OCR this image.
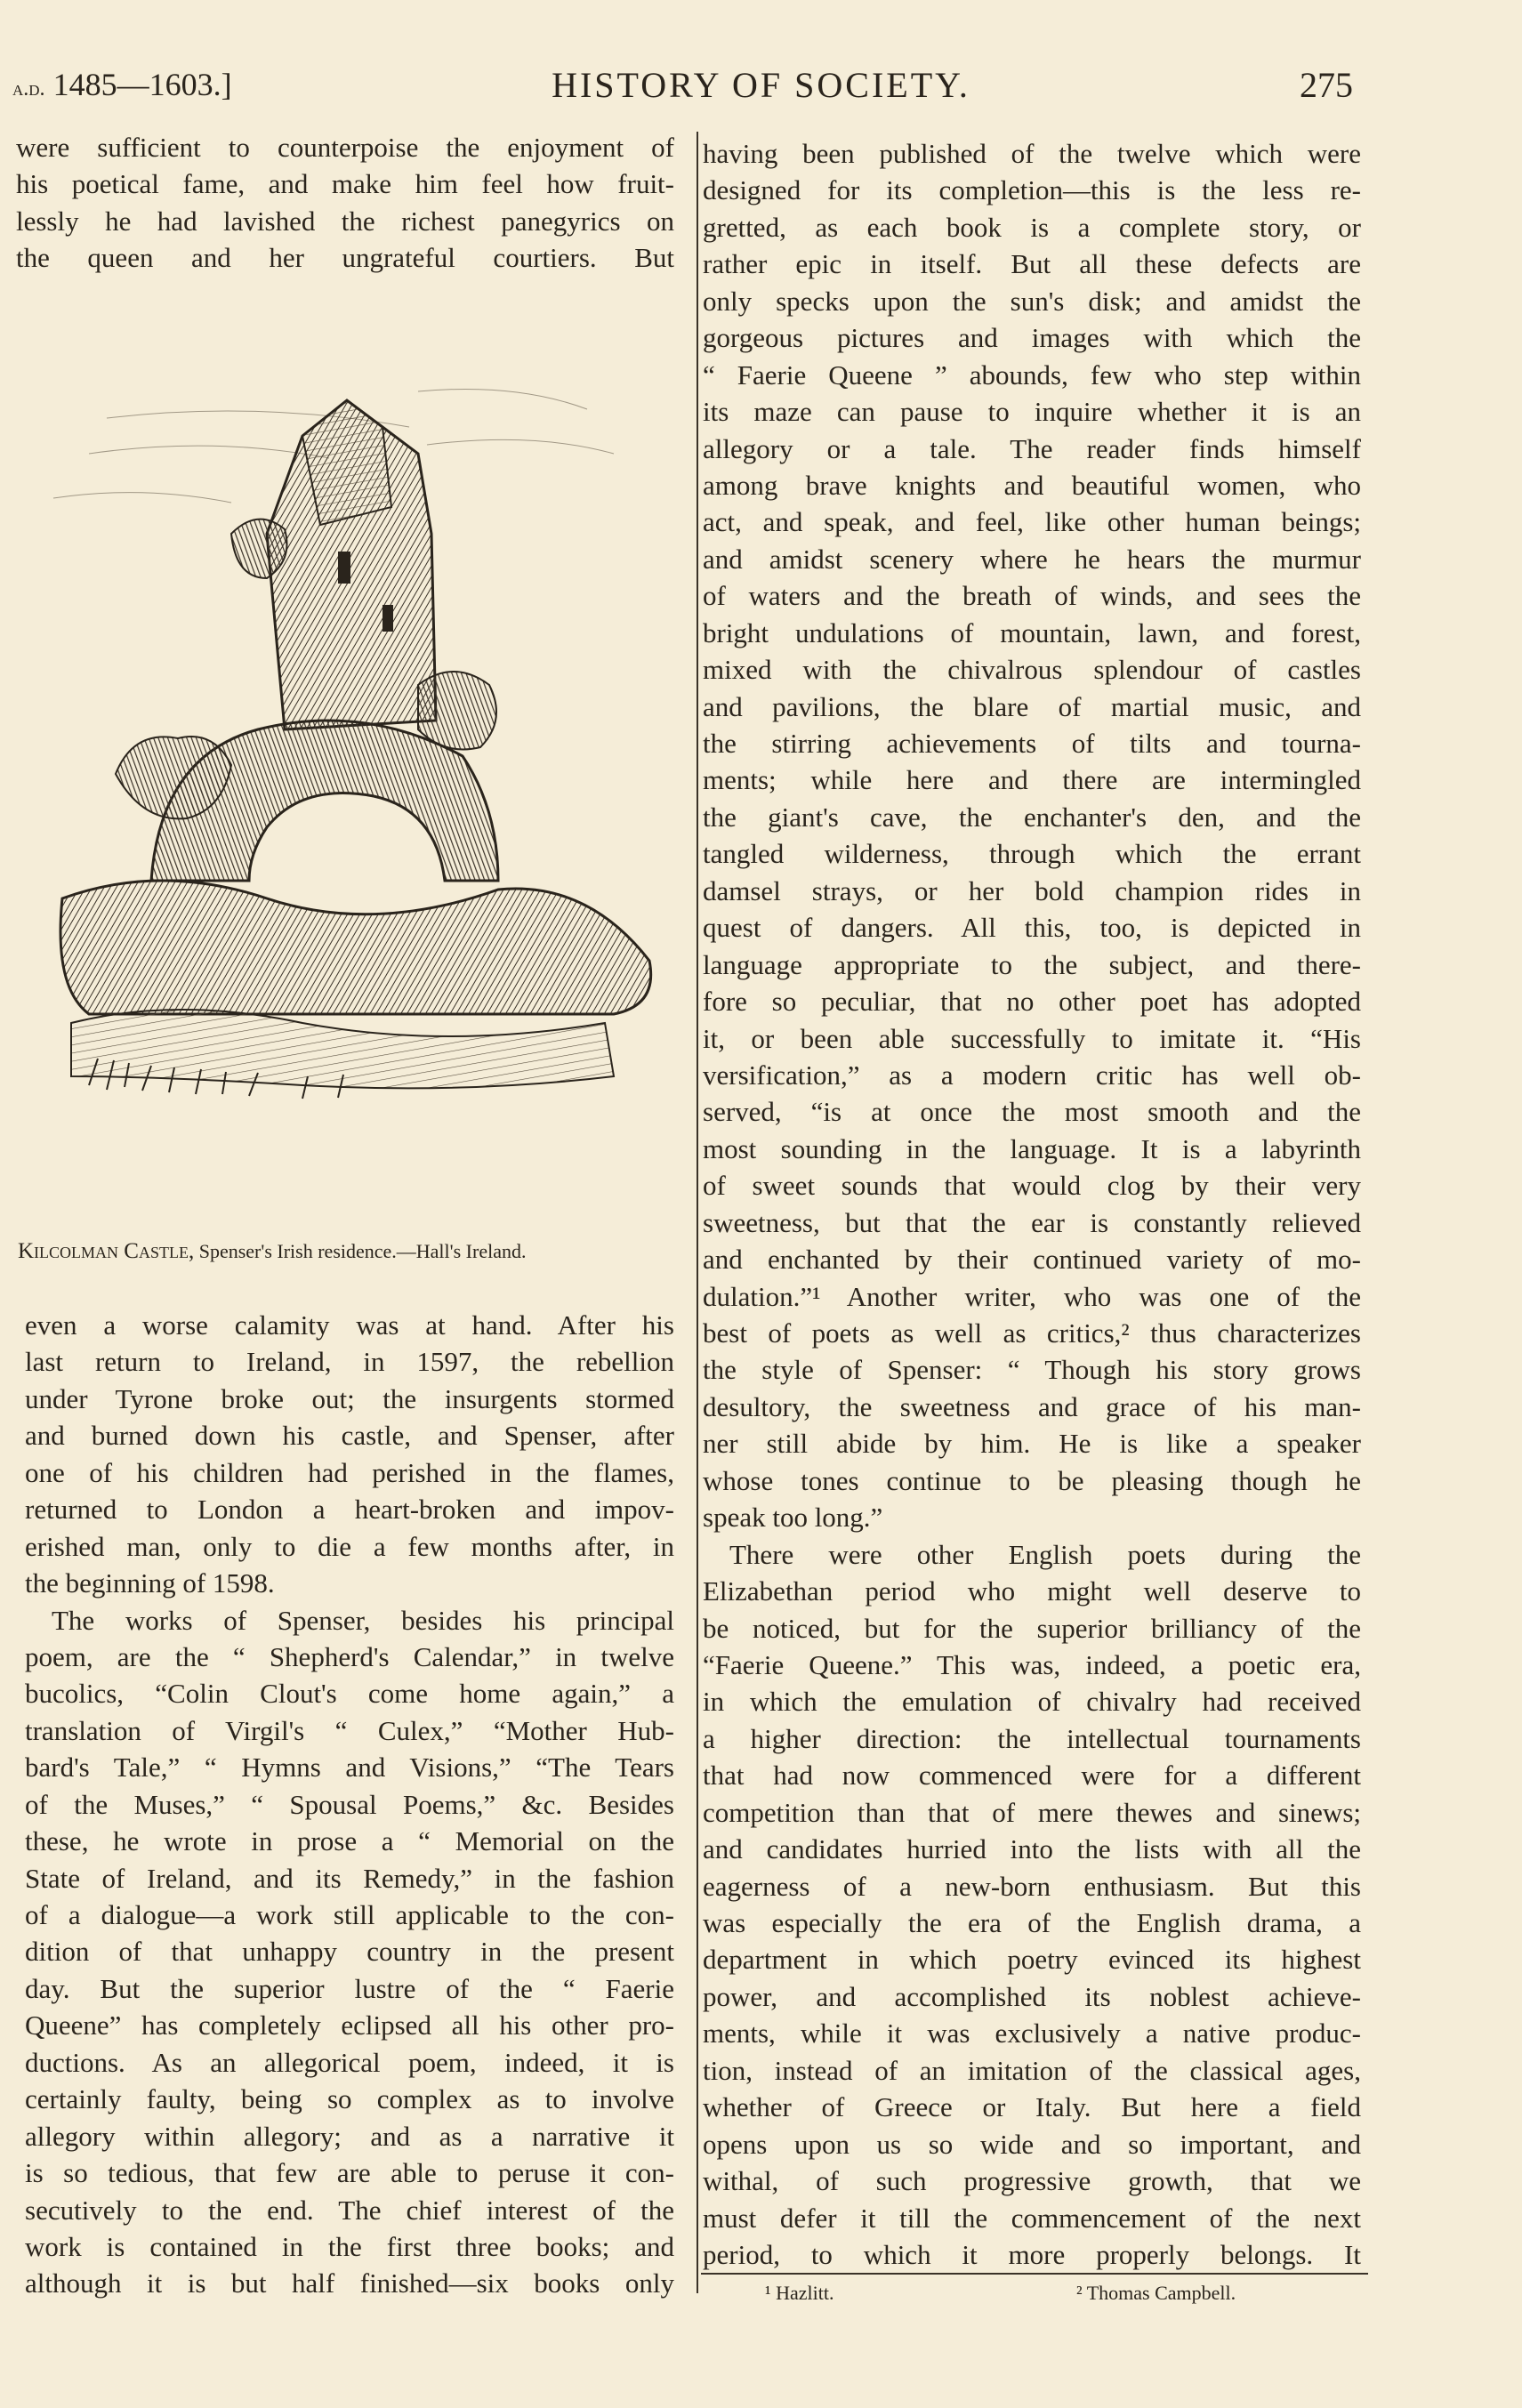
a.d. 1485—1603.]	HISTORY OF SOCIETY.	275

were sufficient to counterpoise the enjoyment of

his poetical fame, and make him feel how fruit-

lessly he had lavished the richest panegyrics on

the queen and her ungrateful courtiers. But

Kilcolman Castle, Spenser's Irish residence.—Hall's Ireland.

even a worse calamity was at hand. After his

last return to Ireland, in 1597, the rebellion

under Tyrone broke out; the insurgents stormed

and burned down his castle, and Spenser, after

one of his children had perished in the flames,

returned to London a heart-broken and impov-

erished man, only to die a few months after, in

the beginning of 1598.

The works of Spenser, besides his principal

poem, are the “ Shepherd's Calendar,” in twelve

bucolics, “Colin Clout's come home again,” a

translation of Virgil's “ Culex,” “Mother Hub-

bard's Tale,” “ Hymns and Visions,” “The Tears

of the Muses,” “ Spousal Poems,” &c. Besides

these, he wrote in prose a “ Memorial on the

State of Ireland, and its Remedy,” in the fashion

of a dialogue—a work still applicable to the con-

dition of that unhappy country in the present

day. But the superior lustre of the “ Faerie

Queene” has completely eclipsed all his other pro-

ductions. As an allegorical poem, indeed, it is

certainly faulty, being so complex as to involve

allegory within allegory; and as a narrative it

is so tedious, that few are able to peruse it con-

secutively to the end. The chief interest of the

work is contained in the first three books; and

although it is but half finished—six books only

having been published of the twelve which were

designed for its completion—this is the less re-

gretted, as each book is a complete story, or

rather epic in itself. But all these defects are

only specks upon the sun's disk; and amidst the

gorgeous pictures and images with which the

“ Faerie Queene ” abounds, few who step within

its maze can pause to inquire whether it is an

allegory or a tale. The reader finds himself

among brave knights and beautiful women, who

act, and speak, and feel, like other human beings;

and amidst scenery where he hears the murmur

of waters and the breath of winds, and sees the

bright undulations of mountain, lawn, and forest,

mixed with the chivalrous splendour of castles

and pavilions, the blare of martial music, and

the stirring achievements of tilts and tourna-

ments; while here and there are intermingled

the giant's cave, the enchanter's den, and the

tangled wilderness, through which the errant

damsel strays, or her bold champion rides in

quest of dangers. All this, too, is depicted in

language appropriate to the subject, and there-

fore so peculiar, that no other poet has adopted

it, or been able successfully to imitate it. “His

versification,” as a modern critic has well ob-

served, “is at once the most smooth and the

most sounding in the language. It is a labyrinth

of sweet sounds that would clog by their very

sweetness, but that the ear is constantly relieved

and enchanted by their continued variety of mo-

dulation.”¹ Another writer, who was one of the

best of poets as well as critics,² thus characterizes

the style of Spenser: “ Though his story grows

desultory, the sweetness and grace of his man-

ner still abide by him. He is like a speaker

whose tones continue to be pleasing though he

speak too long.”

There were other English poets during the

Elizabethan period who might well deserve to

be noticed, but for the superior brilliancy of the

“Faerie Queene.” This was, indeed, a poetic era,

in which the emulation of chivalry had received

a higher direction: the intellectual tournaments

that had now commenced were for a different

competition than that of mere thewes and sinews;

and candidates hurried into the lists with all the

eagerness of a new-born enthusiasm. But this

was especially the era of the English drama, a

department in which poetry evinced its highest

power, and accomplished its noblest achieve-

ments, while it was exclusively a native produc-

tion, instead of an imitation of the classical ages,

whether of Greece or Italy. But here a field

opens upon us so wide and so important, and

withal, of such progressive growth, that we

must defer it till the commencement of the next

period, to which it more properly belongs. It

¹ Hazlitt.	² Thomas Campbell.
